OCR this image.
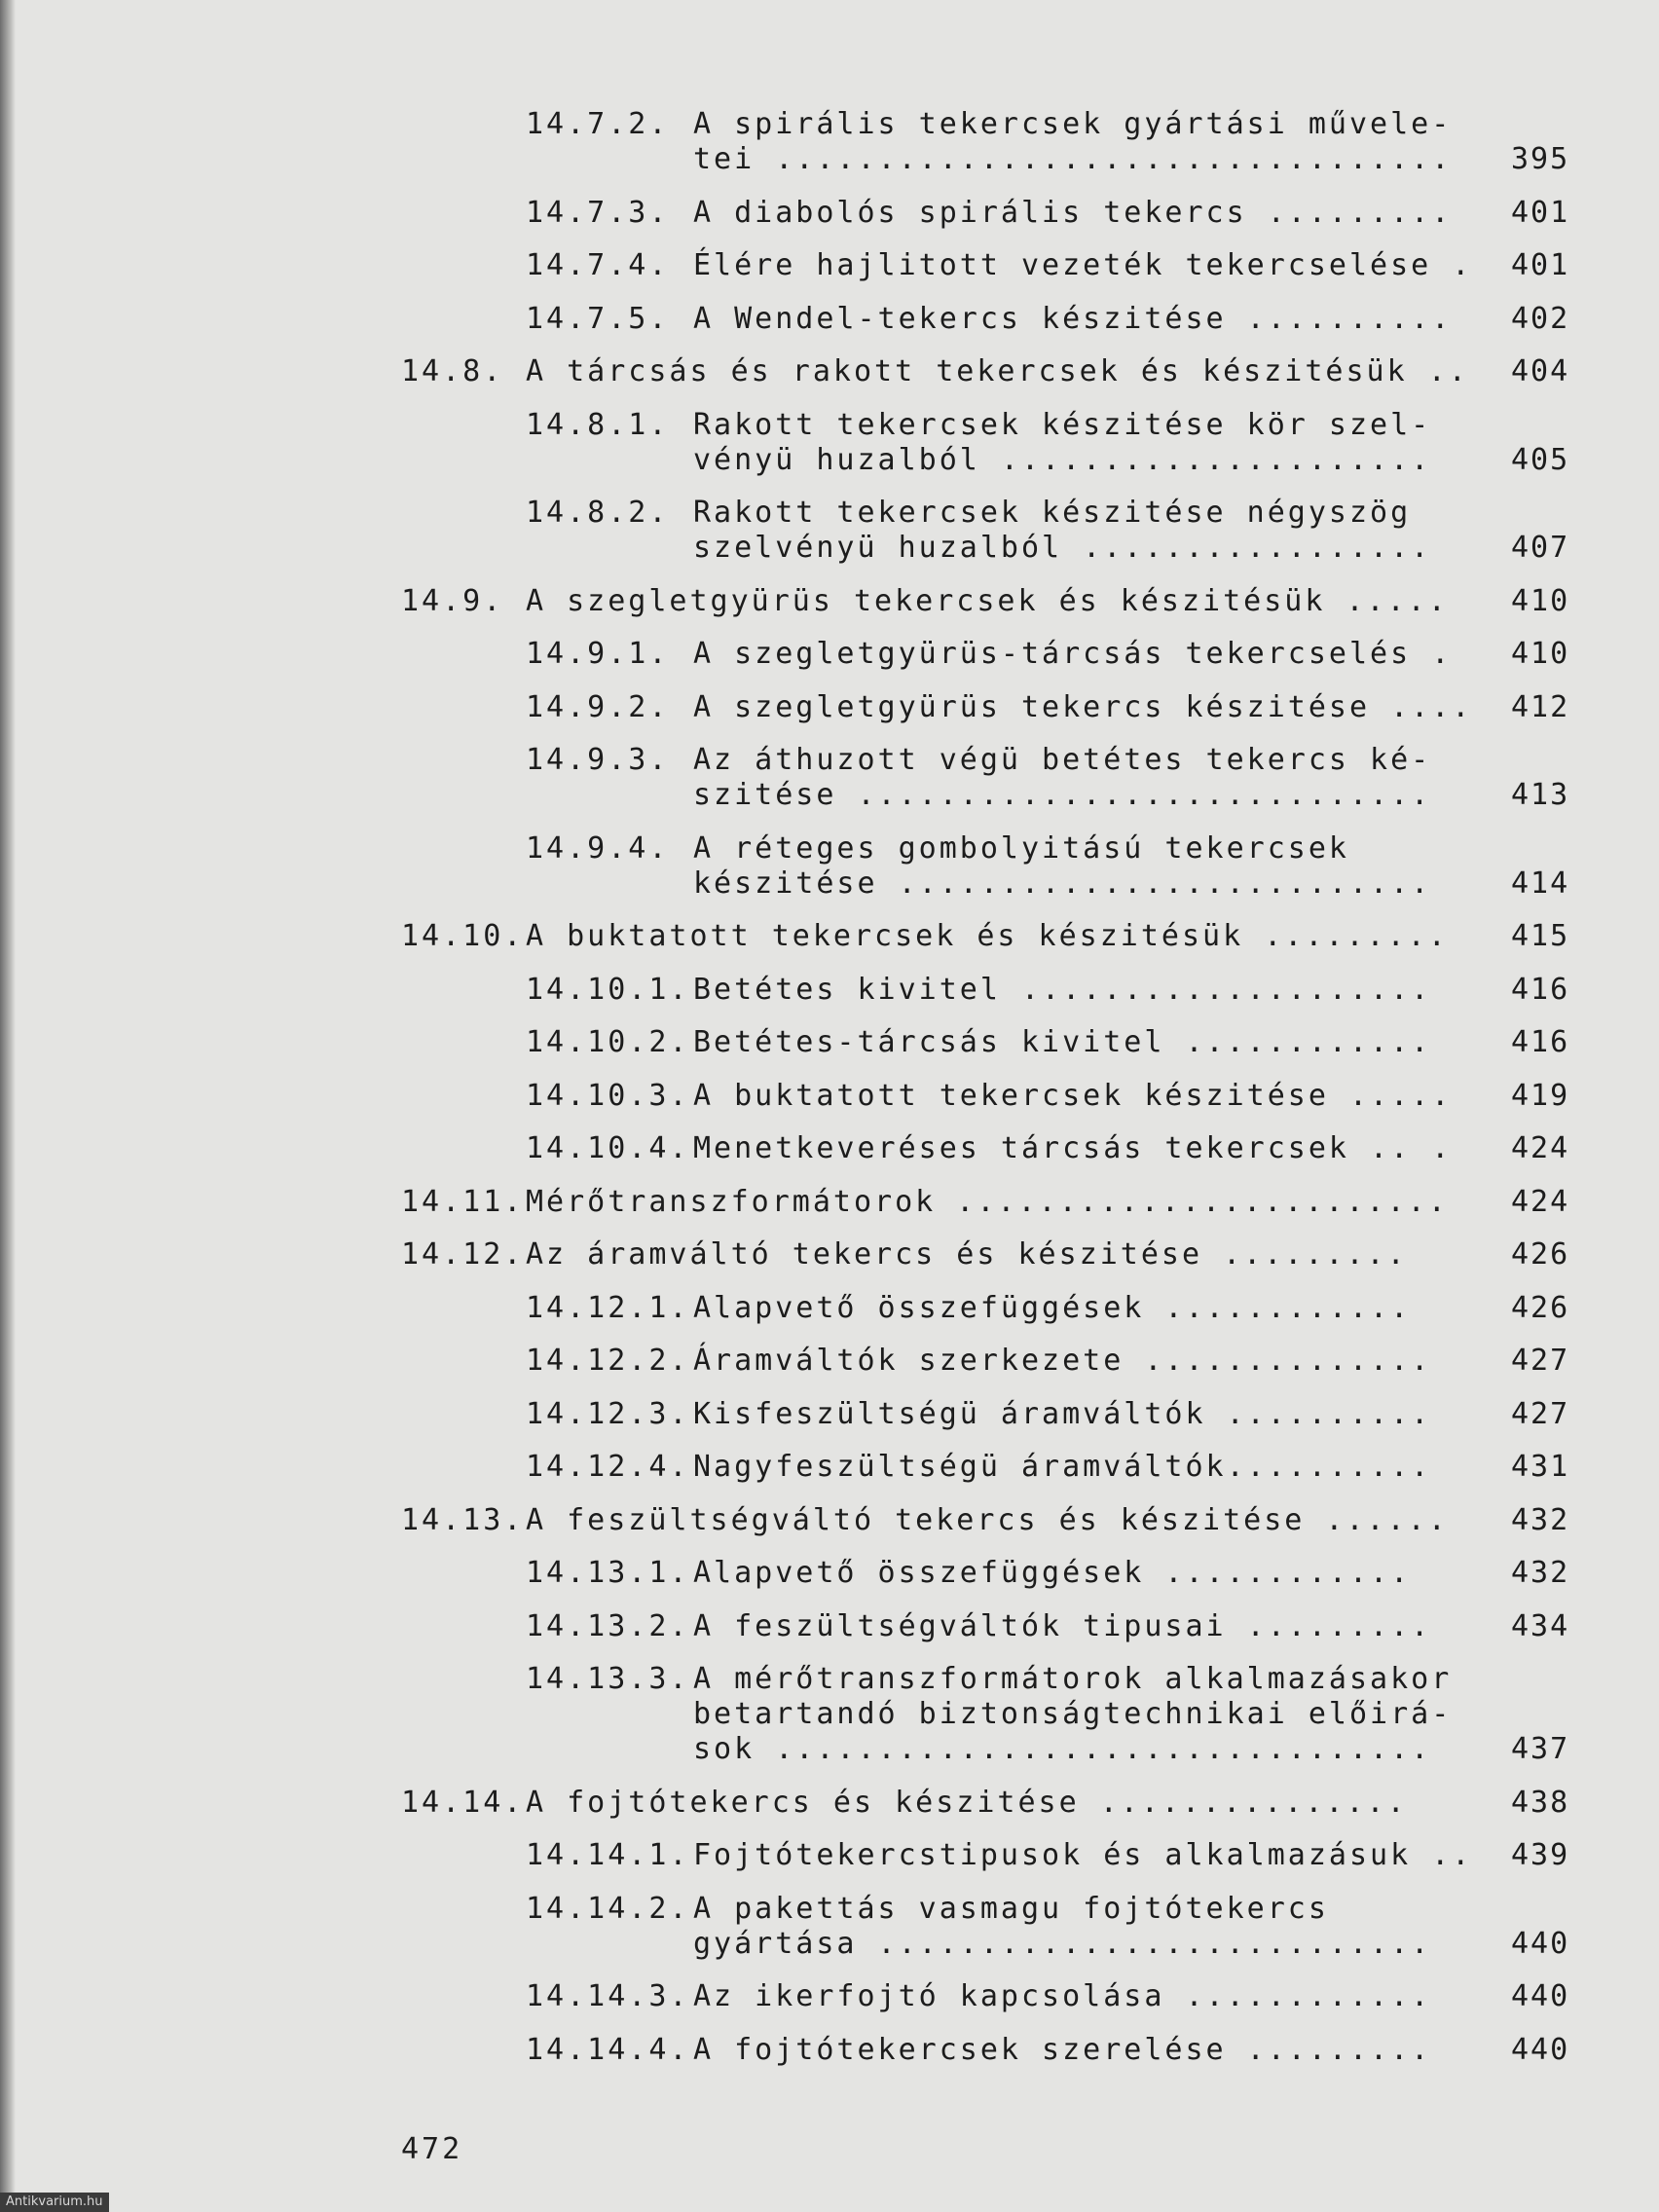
14.7.2. A spirális tekercsek gyártási művele-
tei ................................. 395
14.7.3. A diabolós spirális tekercs ......... 401
14.7.4. Élére hajlitott vezeték tekercselése . 401
14.7.5. A Wendel-tekercs készitése .......... 402
14.8. A tárcsás és rakott tekercsek és készitésük .. 404
14.8.1. Rakott tekercsek készitése kör szel-
vényü huzalból .....................	405
14.8.2. Rakott tekercsek készitése négyszög
szelvényü huzalból .................	407
14.9. A szegletgyürüs tekercsek és készitésük ..... 410
14.9.1. A szegletgyürüs-tárcsás tekercselés . 410
14.9.2. A szegletgyürüs tekercs készitése .... 412
14.9.3. Az áthuzott végü betétes tekercs ké-
szitése ............................	413
14.9.4. A réteges gombolyitású tekercsek
készitése ..........................	414
14.10. A buktatott tekercsek és készitésük ......... 415
14.10.1. Betétes kivitel ....................	416
14.10.2. Betétes-tárcsás kivitel ............	416
14.10.3. A buktatott tekercsek készitése ..... 419
14.10.4. Menetkeveréses tárcsás tekercsek .. . 424
14.11. Mérőtranszformátorok ........................ 424
14.12. Az áramváltó tekercs és készitése .........	426
14.12.1. Alapvető összefüggések ............	426
14.12.2. Áramváltók szerkezete ..............	427
14.12.3. Kisfeszültségü áramváltók ..........	427
14.12.4. Nagyfeszültségü áramváltók..........	431
14.13. A feszültségváltó tekercs és készitése ...... 432
14.13.1. Alapvető összefüggések ............	432
14.13.2. A feszültségváltók tipusai .........	434
14.13.3. A mérőtranszformátorok alkalmazásakor
betartandó biztonságtechnikai előirá-
sok ................................	437
14.14. A fojtótekercs és készitése ...............	438
14.14.1. Fojtótekercstipusok és alkalmazásuk .. 439
14.14.2. A pakettás vasmagu fojtótekercs
gyártása ...........................	440
14.14.3. Az ikerfojtó kapcsolása ............	440
14.14.4. A fojtótekercsek szerelése .........	440
472
Antikvarium.hu
